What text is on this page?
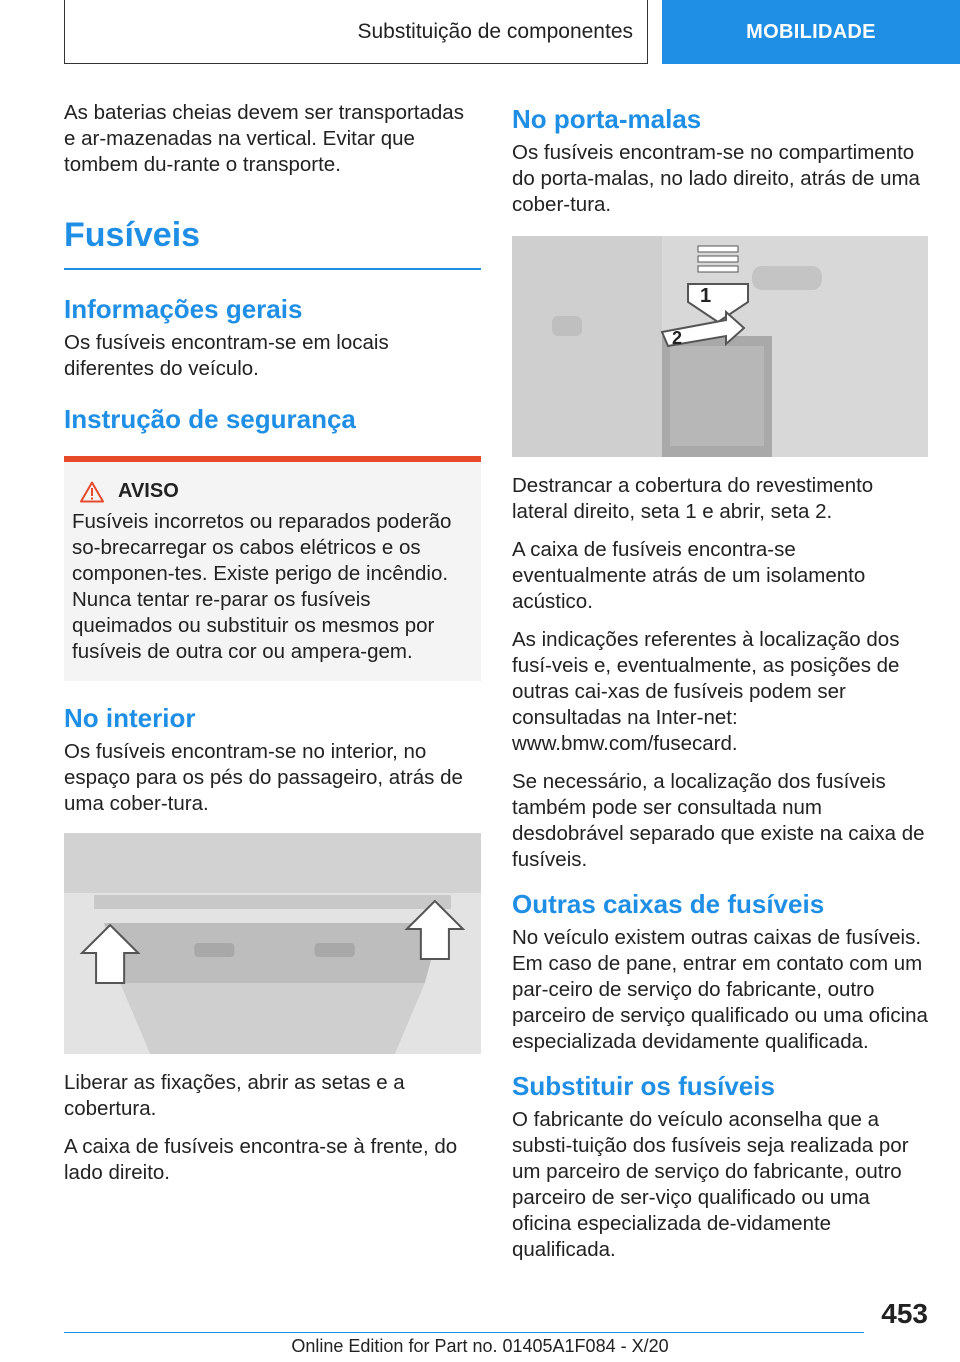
Substituição de componentes	MOBILIDADE

As baterias cheias devem ser transportadas e ar-mazenadas na vertical. Evitar que tombem du-rante o transporte.

Fusíveis
Informações gerais

Os fusíveis encontram-se em locais diferentes do veículo.

Instrução de segurança
AVISO

Fusíveis incorretos ou reparados poderão so-brecarregar os cabos elétricos e os componen-tes. Existe perigo de incêndio. Nunca tentar re-parar os fusíveis queimados ou substituir os mesmos por fusíveis de outra cor ou ampera-gem.

No interior

Os fusíveis encontram-se no interior, no espaço para os pés do passageiro, atrás de uma cober-tura.

Liberar as fixações, abrir as setas e a cobertura.

A caixa de fusíveis encontra-se à frente, do lado direito.

No porta-malas

Os fusíveis encontram-se no compartimento do porta-malas, no lado direito, atrás de uma cober-tura.

1
2

Destrancar a cobertura do revestimento lateral direito, seta 1 e abrir, seta 2.

A caixa de fusíveis encontra-se eventualmente atrás de um isolamento acústico.

As indicações referentes à localização dos fusí-veis e, eventualmente, as posições de outras cai-xas de fusíveis podem ser consultadas na Inter-net: www.bmw.com/fusecard.

Se necessário, a localização dos fusíveis também pode ser consultada num desdobrável separado que existe na caixa de fusíveis.

Outras caixas de fusíveis

No veículo existem outras caixas de fusíveis. Em caso de pane, entrar em contato com um par-ceiro de serviço do fabricante, outro parceiro de serviço qualificado ou uma oficina especializada devidamente qualificada.

Substituir os fusíveis

O fabricante do veículo aconselha que a substi-tuição dos fusíveis seja realizada por um parceiro de serviço do fabricante, outro parceiro de ser-viço qualificado ou uma oficina especializada de-vidamente qualificada.

453
Online Edition for Part no. 01405A1F084 - X/20
